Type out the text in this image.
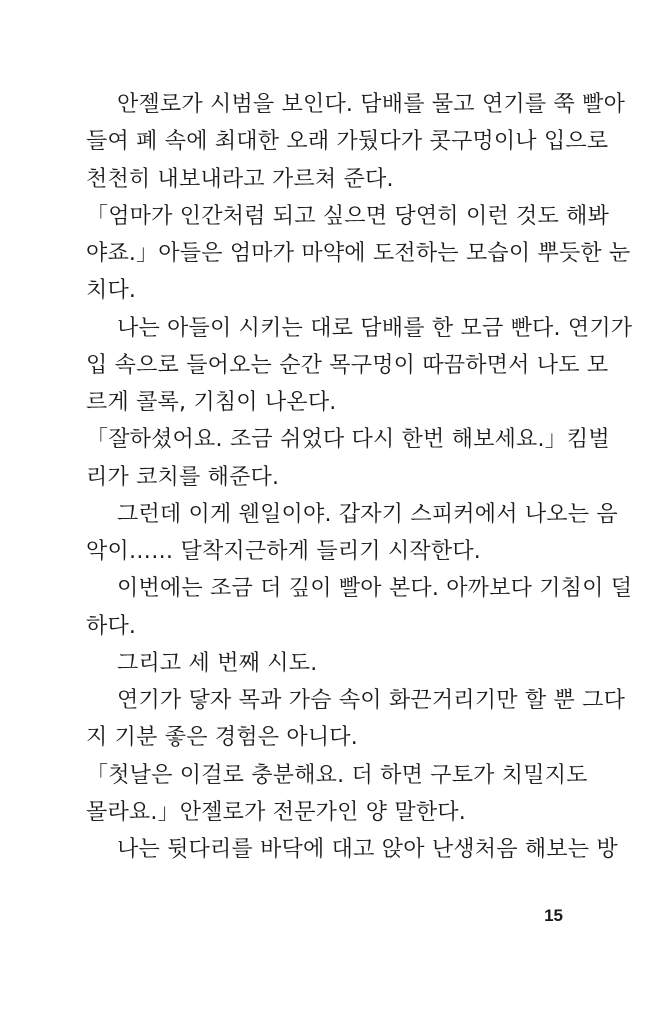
안젤로가 시범을 보인다. 담배를 물고 연기를 쭉 빨아
들여 폐 속에 최대한 오래 가뒀다가 콧구멍이나 입으로
천천히 내보내라고 가르쳐 준다.
「엄마가 인간처럼 되고 싶으면 당연히 이런 것도 해봐
야죠.」아들은 엄마가 마약에 도전하는 모습이 뿌듯한 눈
치다.
나는 아들이 시키는 대로 담배를 한 모금 빤다. 연기가
입 속으로 들어오는 순간 목구멍이 따끔하면서 나도 모
르게 콜록, 기침이 나온다.
「잘하셨어요. 조금 쉬었다 다시 한번 해보세요.」킴벌
리가 코치를 해준다.
그런데 이게 웬일이야. 갑자기 스피커에서 나오는 음
악이…… 달착지근하게 들리기 시작한다.
이번에는 조금 더 깊이 빨아 본다. 아까보다 기침이 덜
하다.
그리고 세 번째 시도.
연기가 닿자 목과 가슴 속이 화끈거리기만 할 뿐 그다
지 기분 좋은 경험은 아니다.
「첫날은 이걸로 충분해요. 더 하면 구토가 치밀지도
몰라요.」안젤로가 전문가인 양 말한다.
나는 뒷다리를 바닥에 대고 앉아 난생처음 해보는 방
15
